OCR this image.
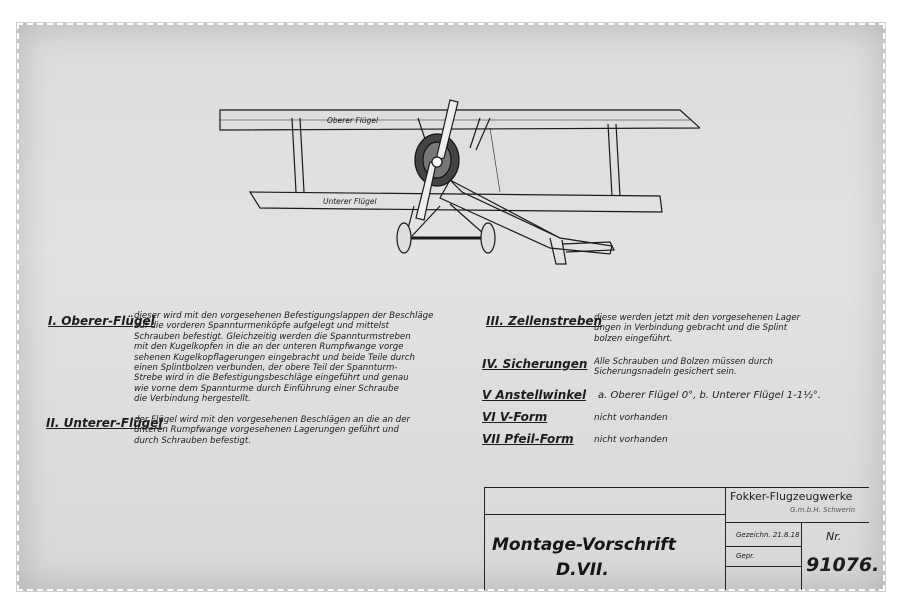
Oberer Flügel
Unterer Flügel
I. Oberer-Flügel
dieser wird mit den vorgesehenen Befestigungslappen der Beschläge
auf die vorderen Spannturmenköpfe aufgelegt und mittelst
Schrauben befestigt. Gleichzeitig werden die Spannturmstreben
mit den Kugelkopfen in die an der unteren Rumpfwange vorge
sehenen Kugelkopflagerungen eingebracht und beide Teile durch
einen Splintbolzen verbunden, der obere Teil der Spannturm-
Strebe wird in die Befestigungsbeschläge eingeführt und genau
wie vorne dem Spannturme durch Einführung einer Schraube
die Verbindung hergestellt.
II. Unterer-Flügel
der Flügel wird mit den vorgesehenen Beschlägen an die an der
unteren Rumpfwange vorgesehenen Lagerungen geführt und
durch Schrauben befestigt.
III. Zellenstreben
diese werden jetzt mit den vorgesehenen Lager
ungen in Verbindung gebracht und die Splint
bolzen eingeführt.
IV. Sicherungen Alle Schrauben und Bolzen müssen durch
Sicherungsnadeln gesichert sein.
V Anstellwinkel a. Oberer Flügel 0°, b. Unterer Flügel 1-1½°.
VI V-Form	nicht vorhanden
VII Pfeil-Form nicht vorhanden
Fokker-Flugzeugwerke
G.m.b.H. Schwerin
Montage-Vorschrift
D.VII.
Gezeichn. 21.8.18
Gepr.
Nr.
91076.
